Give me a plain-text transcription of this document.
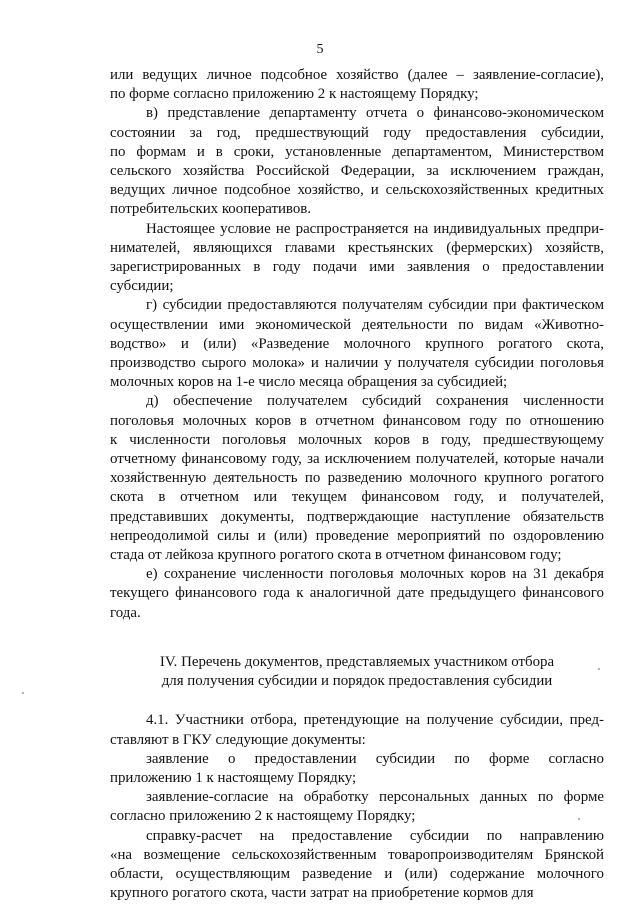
5
или ведущих личное подсобное хозяйство (далее – заявление-согласие),
по форме согласно приложению 2 к настоящему Порядку;
в) представление департаменту отчета о финансово-экономическом
состоянии за год, предшествующий году предоставления субсидии,
по формам и в сроки, установленные департаментом, Министерством
сельского хозяйства Российской Федерации, за исключением граждан,
ведущих личное подсобное хозяйство, и сельскохозяйственных кредитных
потребительских кооперативов.
Настоящее условие не распространяется на индивидуальных предпри-
нимателей, являющихся главами крестьянских (фермерских) хозяйств,
зарегистрированных в году подачи ими заявления о предоставлении
субсидии;
г) субсидии предоставляются получателям субсидии при фактическом
осуществлении ими экономической деятельности по видам «Животно-
водство» и (или) «Разведение молочного крупного рогатого скота,
производство сырого молока» и наличии у получателя субсидии поголовья
молочных коров на 1-е число месяца обращения за субсидией;
д) обеспечение получателем субсидий сохранения численности
поголовья молочных коров в отчетном финансовом году по отношению
к численности поголовья молочных коров в году, предшествующему
отчетному финансовому году, за исключением получателей, которые начали
хозяйственную деятельность по разведению молочного крупного рогатого
скота в отчетном или текущем финансовом году, и получателей,
представивших документы, подтверждающие наступление обязательств
непреодолимой силы и (или) проведение мероприятий по оздоровлению
стада от лейкоза крупного рогатого скота в отчетном финансовом году;
е) сохранение численности поголовья молочных коров на 31 декабря
текущего финансового года к аналогичной дате предыдущего финансового
года.
IV. Перечень документов, представляемых участником отбора
для получения субсидии и порядок предоставления субсидии
4.1. Участники отбора, претендующие на получение субсидии, пред-
ставляют в ГКУ следующие документы:
заявление о предоставлении субсидии по форме согласно
приложению 1 к настоящему Порядку;
заявление-согласие на обработку персональных данных по форме
согласно приложению 2 к настоящему Порядку;
справку-расчет на предоставление субсидии по направлению
«на возмещение сельскохозяйственным товаропроизводителям Брянской
области, осуществляющим разведение и (или) содержание молочного
крупного рогатого скота, части затрат на приобретение кормов для
